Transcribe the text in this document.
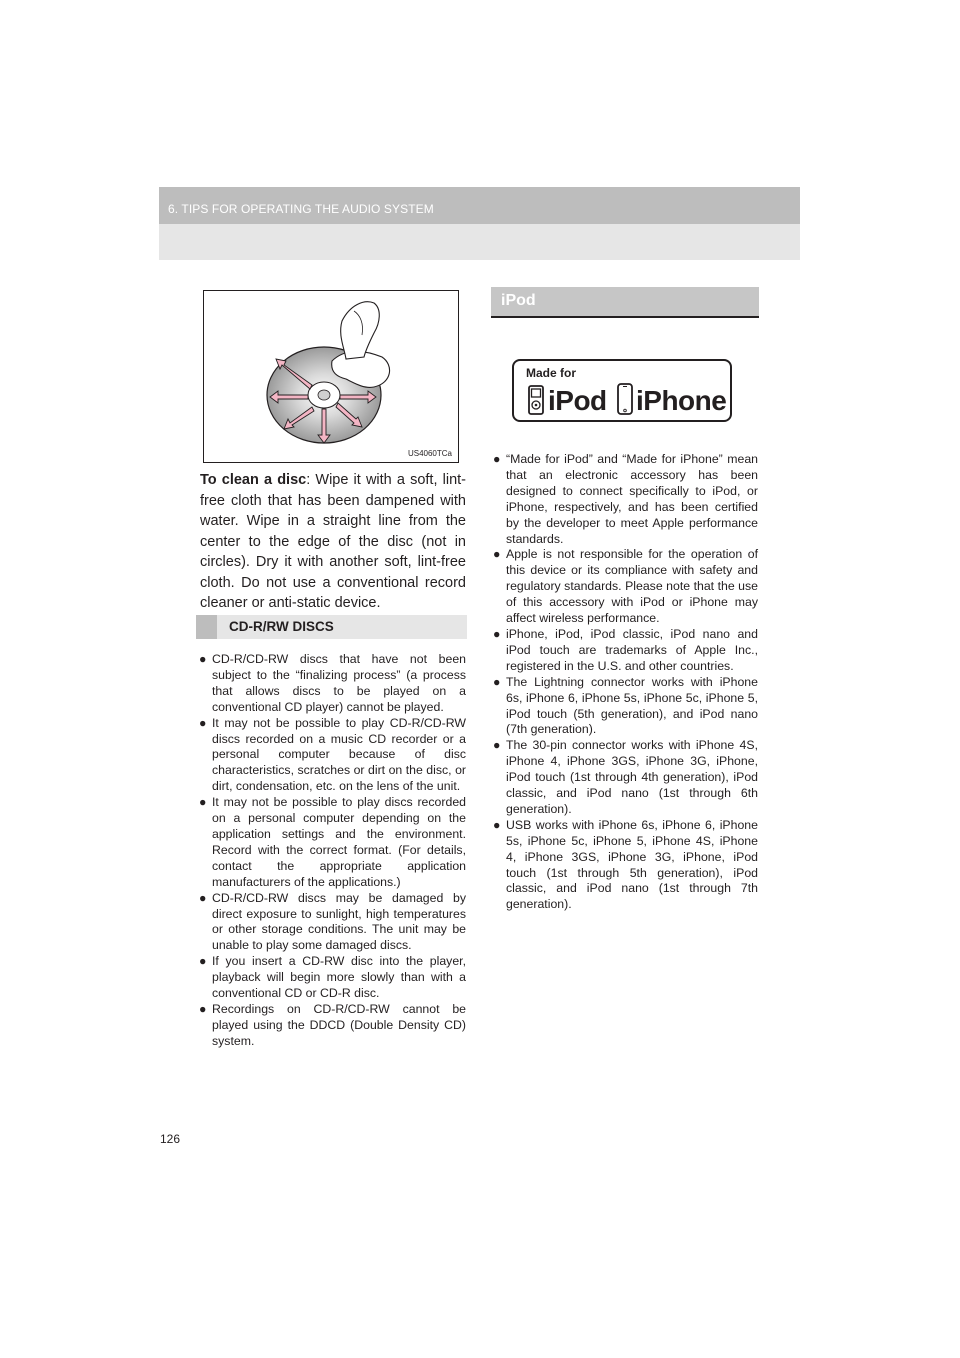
6. TIPS FOR OPERATING THE AUDIO SYSTEM
US4060TCa

To clean a disc: Wipe it with a soft, lint-free cloth that has been dampened with water. Wipe in a straight line from the center to the edge of the disc (not in circles). Dry it with another soft, lint-free cloth. Do not use a conventional record cleaner or anti-static device.

CD-R/RW DISCS
● CD-R/CD-RW discs that have not been subject to the “finalizing process” (a process that allows discs to be played on a conventional CD player) cannot be played.
● It may not be possible to play CD-R/CD-RW discs recorded on a music CD recorder or a personal computer because of disc characteristics, scratches or dirt on the disc, or dirt, condensation, etc. on the lens of the unit.
● It may not be possible to play discs recorded on a personal computer depending on the application settings and the environment. Record with the correct format. (For details, contact the appropriate application manufacturers of the applications.)
● CD-R/CD-RW discs may be damaged by direct exposure to sunlight, high temperatures or other storage conditions. The unit may be unable to play some damaged discs.
● If you insert a CD-RW disc into the player, playback will begin more slowly than with a conventional CD or CD-R disc.
● Recordings on CD-R/CD-RW cannot be played using the DDCD (Double Density CD) system.
iPod
Made for
iPod iPhone
● “Made for iPod” and “Made for iPhone” mean that an electronic accessory has been designed to connect specifically to iPod, or iPhone, respectively, and has been certified by the developer to meet Apple performance standards.
● Apple is not responsible for the operation of this device or its compliance with safety and regulatory standards. Please note that the use of this accessory with iPod or iPhone may affect wireless performance.
● iPhone, iPod, iPod classic, iPod nano and iPod touch are trademarks of Apple Inc., registered in the U.S. and other countries.
● The Lightning connector works with iPhone 6s, iPhone 6, iPhone 5s, iPhone 5c, iPhone 5, iPod touch (5th generation), and iPod nano (7th generation).
● The 30-pin connector works with iPhone 4S, iPhone 4, iPhone 3GS, iPhone 3G, iPhone, iPod touch (1st through 4th generation), iPod classic, and iPod nano (1st through 6th generation).
● USB works with iPhone 6s, iPhone 6, iPhone 5s, iPhone 5c, iPhone 5, iPhone 4S, iPhone 4, iPhone 3GS, iPhone 3G, iPhone, iPod touch (1st through 5th generation), iPod classic, and iPod nano (1st through 7th generation).
126
